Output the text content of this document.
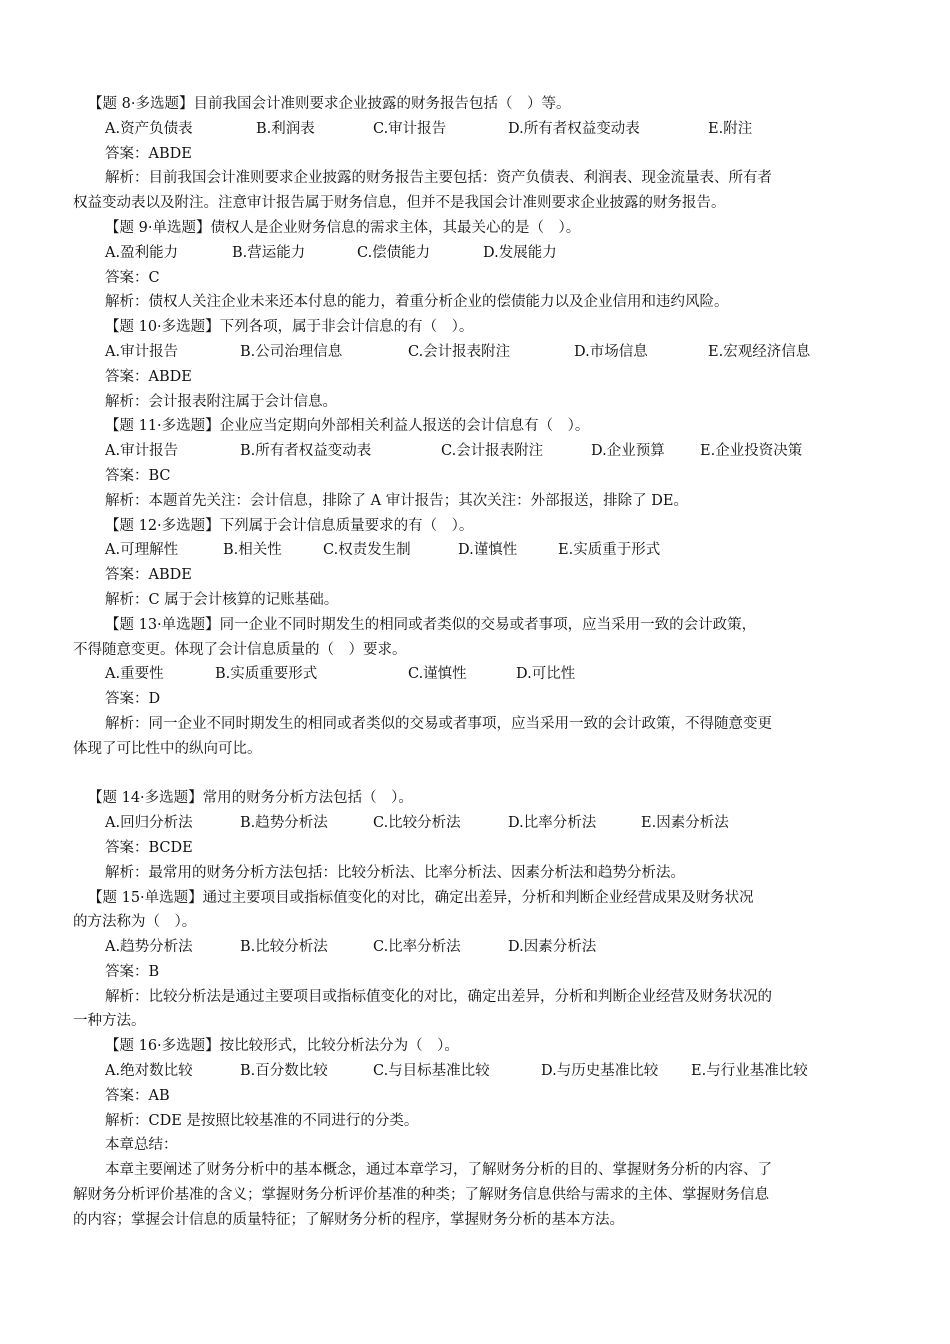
【题 8·多选题】目前我国会计准则要求企业披露的财务报告包括（　）等。
A.资产负债表	B.利润表	C.审计报告	D.所有者权益变动表	E.附注
答案：ABDE
解析：目前我国会计准则要求企业披露的财务报告主要包括：资产负债表、利润表、现金流量表、所有者
权益变动表以及附注。注意审计报告属于财务信息，但并不是我国会计准则要求企业披露的财务报告。
【题 9·单选题】债权人是企业财务信息的需求主体，其最关心的是（　）。
A.盈利能力	B.营运能力	C.偿债能力	D.发展能力
答案：C
解析：债权人关注企业未来还本付息的能力，着重分析企业的偿债能力以及企业信用和违约风险。
【题 10·多选题】下列各项，属于非会计信息的有（　）。
A.审计报告	B.公司治理信息	C.会计报表附注	D.市场信息	E.宏观经济信息
答案：ABDE
解析：会计报表附注属于会计信息。
【题 11·多选题】企业应当定期向外部相关利益人报送的会计信息有（　）。
A.审计报告	B.所有者权益变动表	C.会计报表附注	D.企业预算 E.企业投资决策
答案：BC
解析：本题首先关注：会计信息，排除了 A 审计报告；其次关注：外部报送，排除了 DE。
【题 12·多选题】下列属于会计信息质量要求的有（　）。
A.可理解性	B.相关性	C.权责发生制	D.谨慎性	E.实质重于形式
答案：ABDE
解析：C 属于会计核算的记账基础。
【题 13·单选题】同一企业不同时期发生的相同或者类似的交易或者事项，应当采用一致的会计政策，
不得随意变更。体现了会计信息质量的（　）要求。
A.重要性	B.实质重要形式	C.谨慎性	D.可比性
答案：D
解析：同一企业不同时期发生的相同或者类似的交易或者事项，应当采用一致的会计政策，不得随意变更
体现了可比性中的纵向可比。
【题 14·多选题】常用的财务分析方法包括（　）。
A.回归分析法	B.趋势分析法	C.比较分析法	D.比率分析法	E.因素分析法
答案：BCDE
解析：最常用的财务分析方法包括：比较分析法、比率分析法、因素分析法和趋势分析法。
【题 15·单选题】通过主要项目或指标值变化的对比，确定出差异，分析和判断企业经营成果及财务状况
的方法称为（　）。
A.趋势分析法	B.比较分析法	C.比率分析法	D.因素分析法
答案：B
解析：比较分析法是通过主要项目或指标值变化的对比，确定出差异，分析和判断企业经营及财务状况的
一种方法。
【题 16·多选题】按比较形式，比较分析法分为（　）。
A.绝对数比较	B.百分数比较	C.与目标基准比较	D.与历史基准比较 E.与行业基准比较
答案：AB
解析：CDE 是按照比较基准的不同进行的分类。
本章总结：
本章主要阐述了财务分析中的基本概念，通过本章学习，了解财务分析的目的、掌握财务分析的内容、了
解财务分析评价基准的含义；掌握财务分析评价基准的种类；了解财务信息供给与需求的主体、掌握财务信息
的内容；掌握会计信息的质量特征；了解财务分析的程序，掌握财务分析的基本方法。
